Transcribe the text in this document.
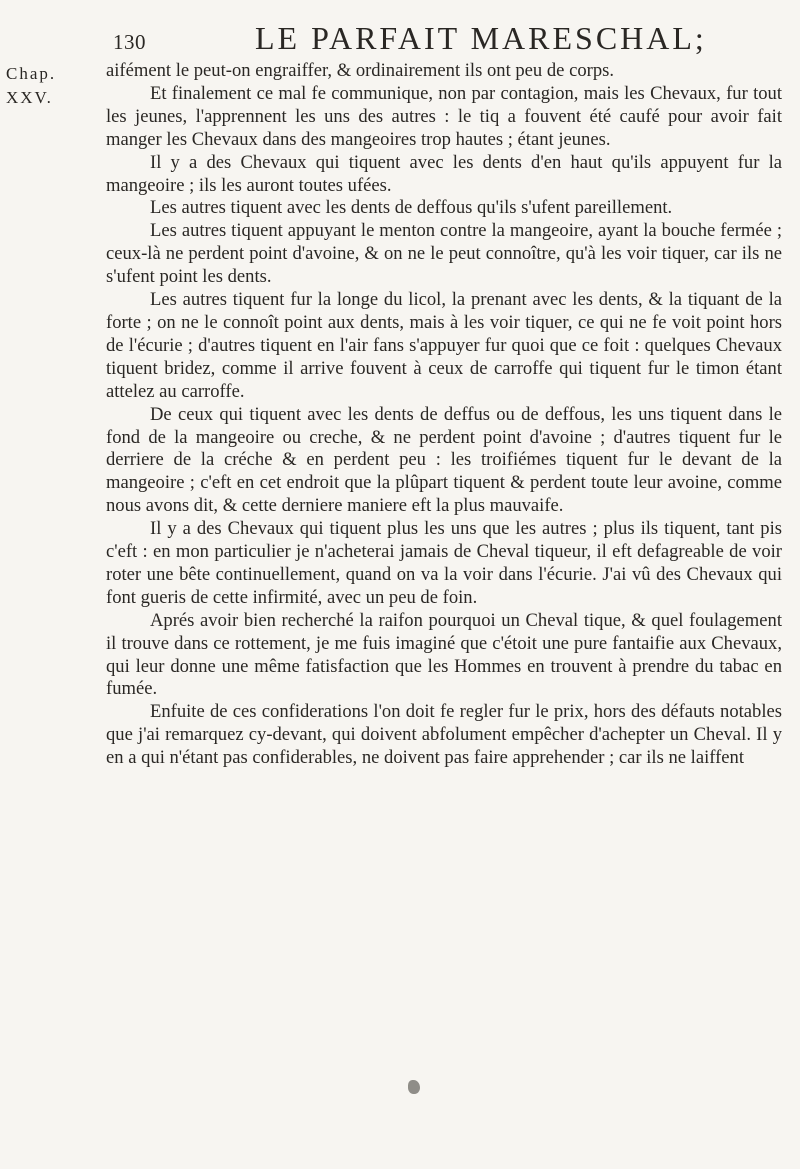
130	LE PARFAIT MARESCHAL;
Chap.
XXV.

aifément le peut-on engraiffer, & ordinairement ils ont peu de corps.

Et finalement ce mal fe communique, non par contagion, mais les Chevaux, fur tout les jeunes, l'apprennent les uns des autres : le tiq a fouvent été caufé pour avoir fait manger les Chevaux dans des mangeoires trop hautes ; étant jeunes.

Il y a des Chevaux qui tiquent avec les dents d'en haut qu'ils appuyent fur la mangeoire ; ils les auront toutes ufées.

Les autres tiquent avec les dents de deffous qu'ils s'ufent pareillement.

Les autres tiquent appuyant le menton contre la mangeoire, ayant la bouche fermée ; ceux-là ne perdent point d'avoine, & on ne le peut connoître, qu'à les voir tiquer, car ils ne s'ufent point les dents.

Les autres tiquent fur la longe du licol, la prenant avec les dents, & la tiquant de la forte ; on ne le connoît point aux dents, mais à les voir tiquer, ce qui ne fe voit point hors de l'écurie ; d'autres tiquent en l'air fans s'appuyer fur quoi que ce foit : quelques Chevaux tiquent bridez, comme il arrive fouvent à ceux de carroffe qui tiquent fur le timon étant attelez au carroffe.

De ceux qui tiquent avec les dents de deffus ou de deffous, les uns tiquent dans le fond de la mangeoire ou creche, & ne perdent point d'avoine ; d'autres tiquent fur le derriere de la créche & en perdent peu : les troifiémes tiquent fur le devant de la mangeoire ; c'eft en cet endroit que la plûpart tiquent & perdent toute leur avoine, comme nous avons dit, & cette derniere maniere eft la plus mauvaife.

Il y a des Chevaux qui tiquent plus les uns que les autres ; plus ils tiquent, tant pis c'eft : en mon particulier je n'acheterai jamais de Cheval tiqueur, il eft defagreable de voir roter une bête continuellement, quand on va la voir dans l'écurie. J'ai vû des Chevaux qui font gueris de cette infirmité, avec un peu de foin.

Aprés avoir bien recherché la raifon pourquoi un Cheval tique, & quel foulagement il trouve dans ce rottement, je me fuis imaginé que c'étoit une pure fantaifie aux Chevaux, qui leur donne une même fatisfaction que les Hommes en trouvent à prendre du tabac en fumée.

Enfuite de ces confiderations l'on doit fe regler fur le prix, hors des défauts notables que j'ai remarquez cy-devant, qui doivent abfolument empêcher d'achepter un Cheval. Il y en a qui n'étant pas confiderables, ne doivent pas faire apprehender ; car ils ne laiffent
